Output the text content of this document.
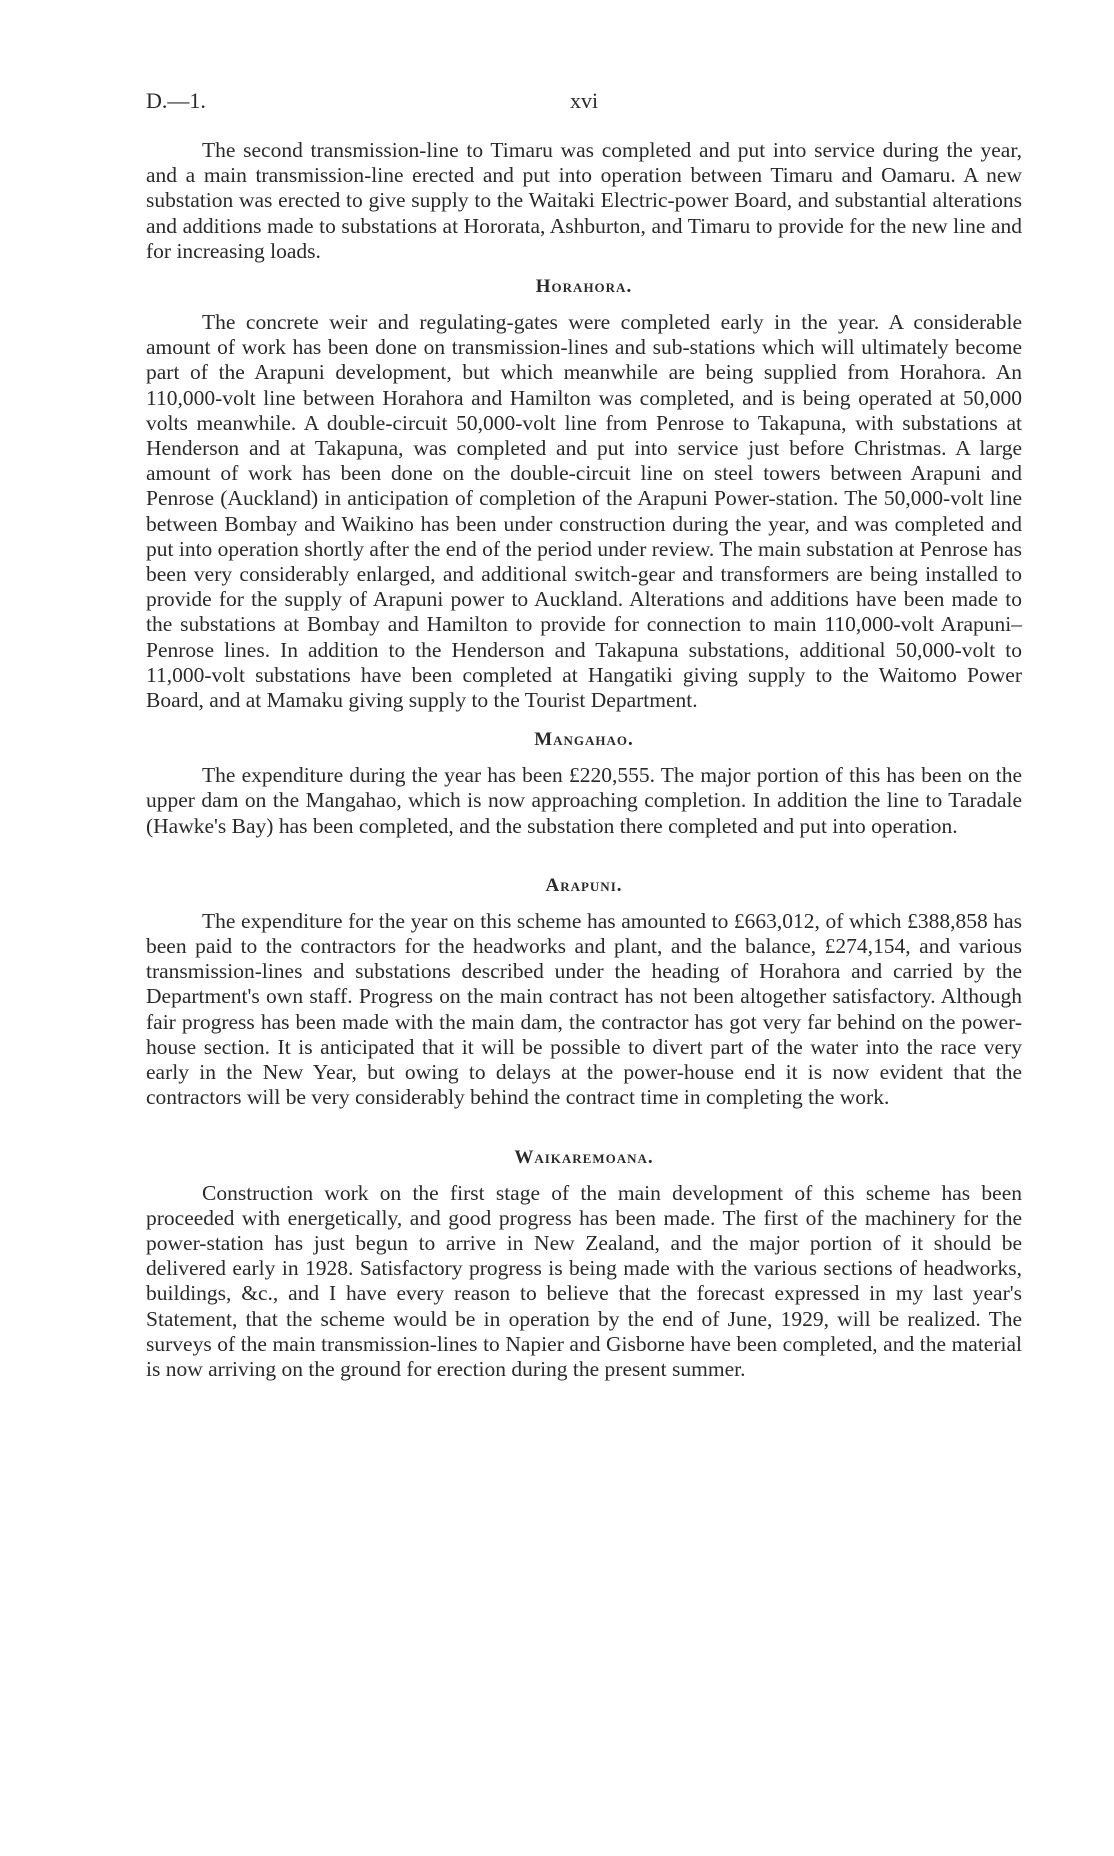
D.—1.	xvi

The second transmission-line to Timaru was completed and put into service during the year, and a main transmission-line erected and put into operation between Timaru and Oamaru. A new substation was erected to give supply to the Waitaki Electric-power Board, and substantial alterations and additions made to substations at Hororata, Ashburton, and Timaru to provide for the new line and for increasing loads.

Horahora.

The concrete weir and regulating-gates were completed early in the year. A considerable amount of work has been done on transmission-lines and sub-stations which will ultimately become part of the Arapuni development, but which meanwhile are being supplied from Horahora. An 110,000-volt line between Horahora and Hamilton was completed, and is being operated at 50,000 volts meanwhile. A double-circuit 50,000-volt line from Penrose to Takapuna, with substations at Henderson and at Takapuna, was completed and put into service just before Christmas. A large amount of work has been done on the double-circuit line on steel towers between Arapuni and Penrose (Auckland) in anticipation of completion of the Arapuni Power-station. The 50,000-volt line between Bombay and Waikino has been under construction during the year, and was completed and put into operation shortly after the end of the period under review. The main substation at Penrose has been very considerably enlarged, and additional switch-gear and transformers are being installed to provide for the supply of Arapuni power to Auckland. Alterations and additions have been made to the substations at Bombay and Hamilton to provide for connection to main 110,000-volt Arapuni–Penrose lines. In addition to the Henderson and Takapuna substations, additional 50,000-volt to 11,000-volt substations have been completed at Hangatiki giving supply to the Waitomo Power Board, and at Mamaku giving supply to the Tourist Department.

Mangahao.

The expenditure during the year has been £220,555. The major portion of this has been on the upper dam on the Mangahao, which is now approaching completion. In addition the line to Taradale (Hawke's Bay) has been completed, and the substation there completed and put into operation.

Arapuni.

The expenditure for the year on this scheme has amounted to £663,012, of which £388,858 has been paid to the contractors for the headworks and plant, and the balance, £274,154, and various transmission-lines and substations described under the heading of Horahora and carried by the Department's own staff. Progress on the main contract has not been altogether satisfactory. Although fair progress has been made with the main dam, the contractor has got very far behind on the power-house section. It is anticipated that it will be possible to divert part of the water into the race very early in the New Year, but owing to delays at the power-house end it is now evident that the contractors will be very considerably behind the contract time in completing the work.

Waikaremoana.

Construction work on the first stage of the main development of this scheme has been proceeded with energetically, and good progress has been made. The first of the machinery for the power-station has just begun to arrive in New Zealand, and the major portion of it should be delivered early in 1928. Satisfactory progress is being made with the various sections of headworks, buildings, &c., and I have every reason to believe that the forecast expressed in my last year's Statement, that the scheme would be in operation by the end of June, 1929, will be realized. The surveys of the main transmission-lines to Napier and Gisborne have been completed, and the material is now arriving on the ground for erection during the present summer.
